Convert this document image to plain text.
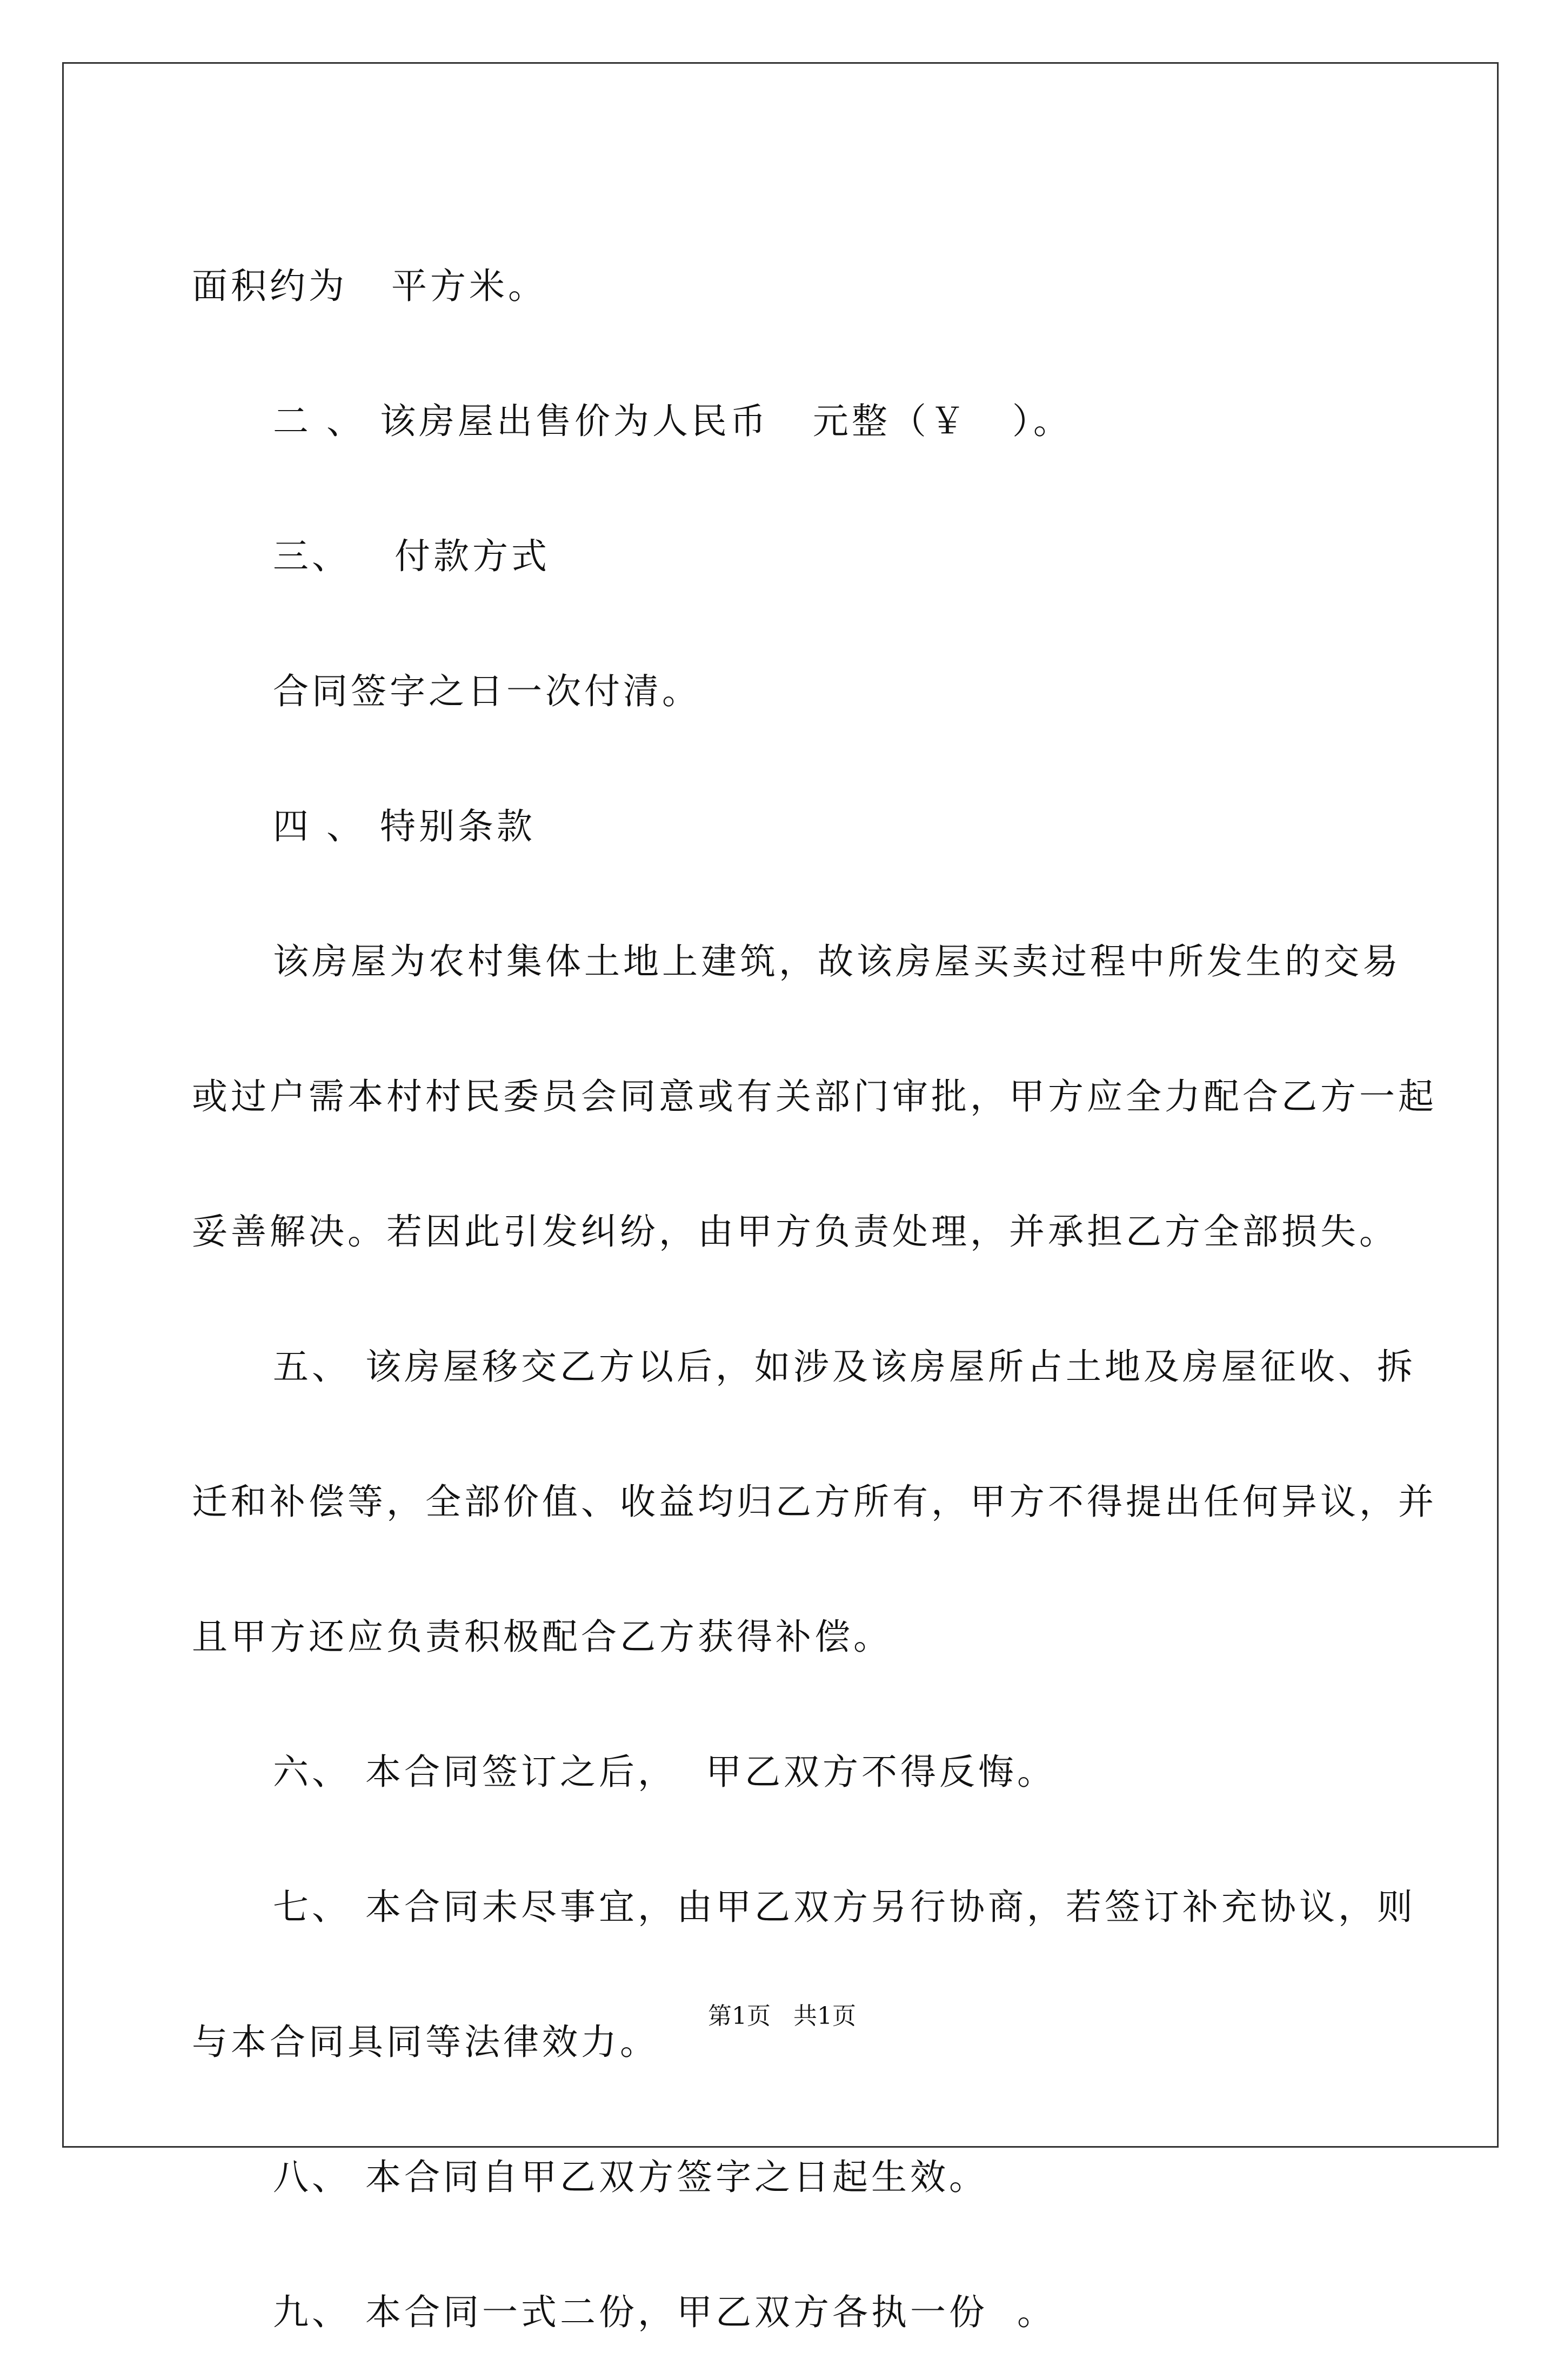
面积约为   平方米。

二 、 该房屋出售价为人民币   元整（￥   ）。

三、   付款方式

合同签字之日一次付清。

四 、 特别条款

该房屋为农村集体土地上建筑，故该房屋买卖过程中所发生的交易或过户需本村村民委员会同意或有关部门审批，甲方应全力配合乙方一起妥善解决。若因此引发纠纷，由甲方负责处理，并承担乙方全部损失。

五、 该房屋移交乙方以后，如涉及该房屋所占土地及房屋征收、拆迁和补偿等，全部价值、收益均归乙方所有，甲方不得提出任何异议，并且甲方还应负责积极配合乙方获得补偿。

六、 本合同签订之后，  甲乙双方不得反悔。

七、 本合同未尽事宜，由甲乙双方另行协商，若签订补充协议，则与本合同具同等法律效力。

八、 本合同自甲乙双方签字之日起生效。

九、 本合同一式二份，甲乙双方各执一份  。

第1页   共1页
